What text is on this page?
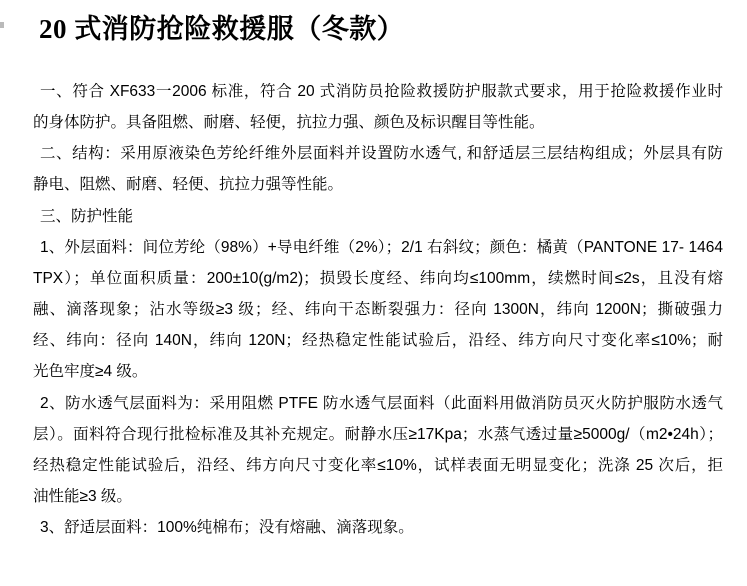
20 式消防抢险救援服（冬款）
一、符合 XF633一2006 标准，符合 20 式消防员抢险救援防护服款式要求，用于抢险救援作业时
的身体防护。具备阻燃、耐磨、轻便，抗拉力强、颜色及标识醒目等性能。
二、结构：采用原液染色芳纶纤维外层面料并设置防水透气, 和舒适层三层结构组成；外层具有防
静电、阻燃、耐磨、轻便、抗拉力强等性能。
三、防护性能
1、外层面料：间位芳纶（98%）+导电纤维（2%）；2/1 右斜纹；颜色：橘黄（PANTONE 17- 1464
TPX）；单位面积质量：200±10(g/m2)；损毁长度经、纬向均≤100mm，续燃时间≤2s，且没有熔
融、滴落现象；沾水等级≥3 级；经、纬向干态断裂强力：径向 1300N，纬向 1200N；撕破强力
经、纬向：径向 140N，纬向 120N；经热稳定性能试验后，沿经、纬方向尺寸变化率≤10%；耐
光色牢度≥4 级。
2、防水透气层面料为：采用阻燃 PTFE 防水透气层面料（此面料用做消防员灭火防护服防水透气
层）。面料符合现行批检标准及其补充规定。耐静水压≥17Kpa；水蒸气透过量≥5000g/（m2•24h）；
经热稳定性能试验后，沿经、纬方向尺寸变化率≤10%，试样表面无明显变化；洗涤 25 次后，拒
油性能≥3 级。
3、舒适层面料：100%纯棉布；没有熔融、滴落现象。
